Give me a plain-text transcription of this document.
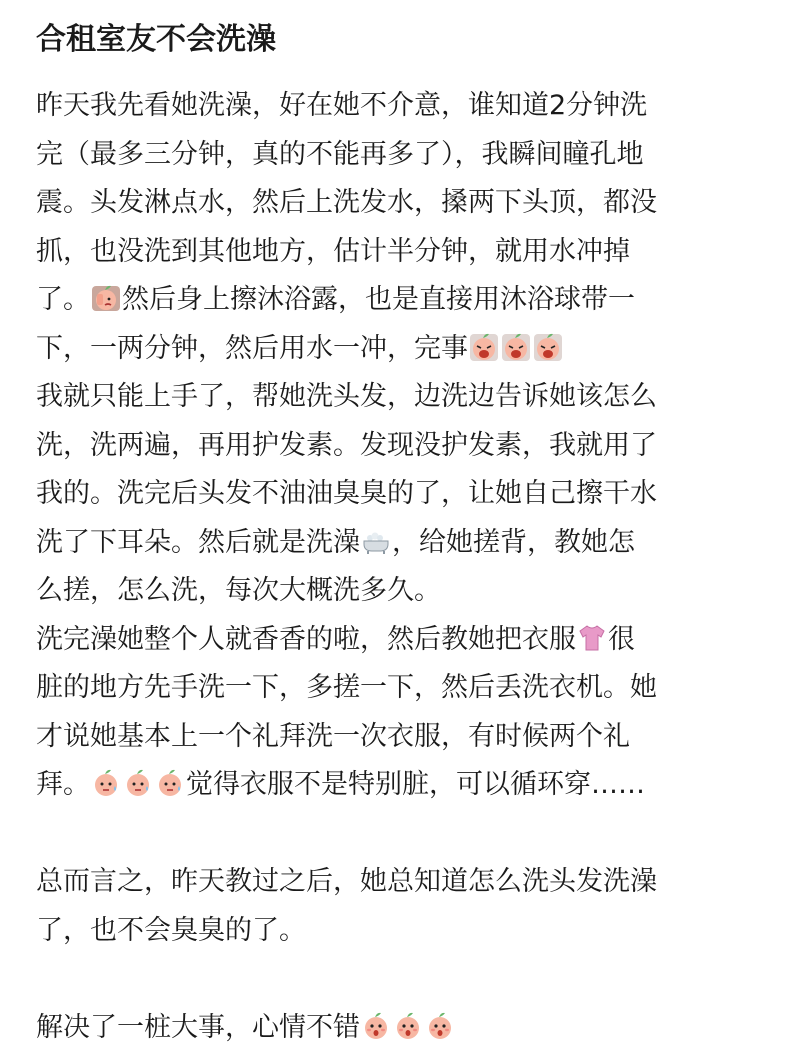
合租室友不会洗澡
昨天我先看她洗澡，好在她不介意，谁知道2分钟洗
完（最多三分钟，真的不能再多了），我瞬间瞳孔地
震。头发淋点水，然后上洗发水，搡两下头顶，都没
抓，也没洗到其他地方，估计半分钟，就用水冲掉
了。 然后身上擦沐浴露，也是直接用沐浴球带一
下，一两分钟，然后用水一冲，完事
我就只能上手了，帮她洗头发，边洗边告诉她该怎么
洗，洗两遍，再用护发素。发现没护发素，我就用了
我的。洗完后头发不油油臭臭的了，让她自己擦干水
洗了下耳朵。然后就是洗澡 ，给她搓背，教她怎
么搓，怎么洗，每次大概洗多久。
洗完澡她整个人就香香的啦，然后教她把衣服 很
脏的地方先手洗一下，多搓一下，然后丢洗衣机。她
才说她基本上一个礼拜洗一次衣服，有时候两个礼
拜。	觉得衣服不是特别脏，可以循环穿……
总而言之，昨天教过之后，她总知道怎么洗头发洗澡
了，也不会臭臭的了。
解决了一桩大事，心情不错
